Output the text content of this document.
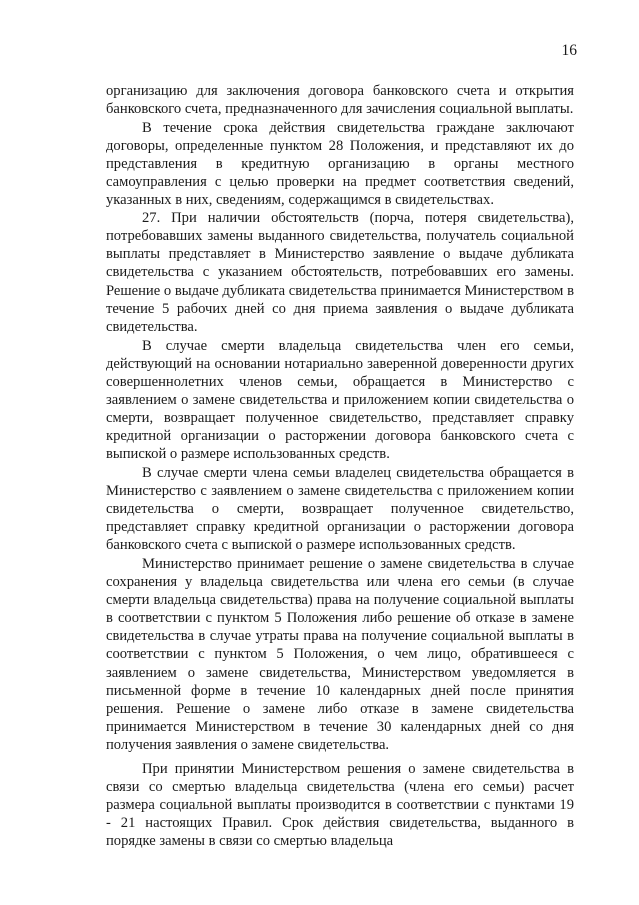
16

организацию для заключения договора банковского счета и открытия банковского счета, предназначенного для зачисления социальной выплаты.

В течение срока действия свидетельства граждане заключают договоры, определенные пунктом 28 Положения, и представляют их до представления в кредитную организацию в органы местного самоуправления с целью проверки на предмет соответствия сведений, указанных в них, сведениям, содержащимся в свидетельствах.

27. При наличии обстоятельств (порча, потеря свидетельства), потребовавших замены выданного свидетельства, получатель социальной выплаты представляет в Министерство заявление о выдаче дубликата свидетельства с указанием обстоятельств, потребовавших его замены. Решение о выдаче дубликата свидетельства принимается Министерством в течение 5 рабочих дней со дня приема заявления о выдаче дубликата свидетельства.

В случае смерти владельца свидетельства член его семьи, действующий на основании нотариально заверенной доверенности других совершеннолетних членов семьи, обращается в Министерство с заявлением о замене свидетельства и приложением копии свидетельства о смерти, возвращает полученное свидетельство, представляет справку кредитной организации о расторжении договора банковского счета с выпиской о размере использованных средств.

В случае смерти члена семьи владелец свидетельства обращается в Министерство с заявлением о замене свидетельства с приложением копии свидетельства о смерти, возвращает полученное свидетельство, представляет справку кредитной организации о расторжении договора банковского счета с выпиской о размере использованных средств.

Министерство принимает решение о замене свидетельства в случае сохранения у владельца свидетельства или члена его семьи (в случае смерти владельца свидетельства) права на получение социальной выплаты в соответствии с пунктом 5 Положения либо решение об отказе в замене свидетельства в случае утраты права на получение социальной выплаты в соответствии с пунктом 5 Положения, о чем лицо, обратившееся с заявлением о замене свидетельства, Министерством уведомляется в письменной форме в течение 10 календарных дней после принятия решения. Решение о замене либо отказе в замене свидетельства принимается Министерством в течение 30 календарных дней со дня получения заявления о замене свидетельства.

При принятии Министерством решения о замене свидетельства в связи со смертью владельца свидетельства (члена его семьи) расчет размера социальной выплаты производится в соответствии с пунктами 19 - 21 настоящих Правил. Срок действия свидетельства, выданного в порядке замены в связи со смертью владельца
